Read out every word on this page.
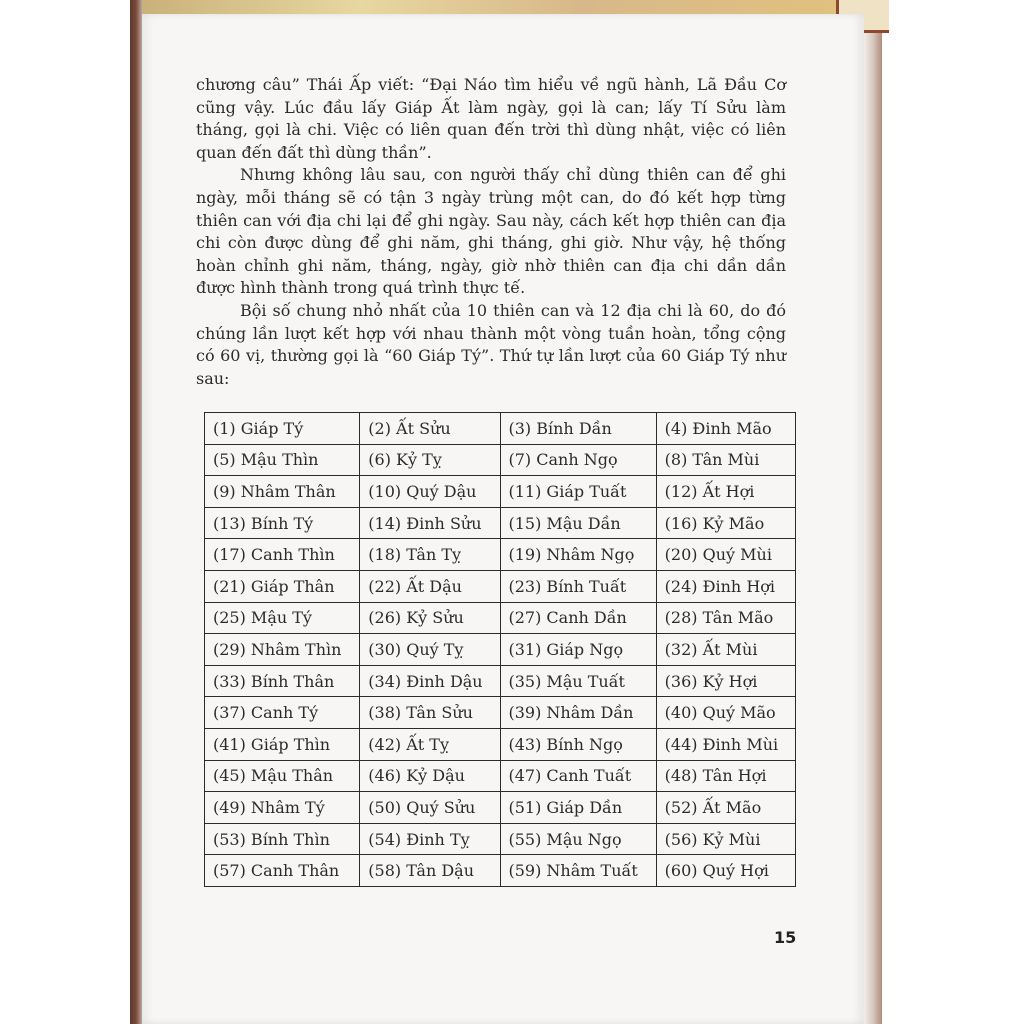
chương câu” Thái Ấp viết: “Đại Náo tìm hiểu về ngũ hành, Lã Đầu Cơ cũng vậy. Lúc đầu lấy Giáp Ất làm ngày, gọi là can; lấy Tí Sửu làm tháng, gọi là chi. Việc có liên quan đến trời thì dùng nhật, việc có liên quan đến đất thì dùng thần”.

Nhưng không lâu sau, con người thấy chỉ dùng thiên can để ghi ngày, mỗi tháng sẽ có tận 3 ngày trùng một can, do đó kết hợp từng thiên can với địa chi lại để ghi ngày. Sau này, cách kết hợp thiên can địa chi còn được dùng để ghi năm, ghi tháng, ghi giờ. Như vậy, hệ thống hoàn chỉnh ghi năm, tháng, ngày, giờ nhờ thiên can địa chi dần dần được hình thành trong quá trình thực tế.

Bội số chung nhỏ nhất của 10 thiên can và 12 địa chi là 60, do đó chúng lần lượt kết hợp với nhau thành một vòng tuần hoàn, tổng cộng có 60 vị, thường gọi là “60 Giáp Tý”. Thứ tự lần lượt của 60 Giáp Tý như sau:

(1) Giáp Tý	(2) Ất Sửu	(3) Bính Dần	(4) Đinh Mão
(5) Mậu Thìn	(6) Kỷ Tỵ	(7) Canh Ngọ	(8) Tân Mùi
(9) Nhâm Thân	(10) Quý Dậu	(11) Giáp Tuất	(12) Ất Hợi
(13) Bính Tý	(14) Đinh Sửu	(15) Mậu Dần	(16) Kỷ Mão
(17) Canh Thìn	(18) Tân Tỵ	(19) Nhâm Ngọ	(20) Quý Mùi
(21) Giáp Thân	(22) Ất Dậu	(23) Bính Tuất	(24) Đinh Hợi
(25) Mậu Tý	(26) Kỷ Sửu	(27) Canh Dần	(28) Tân Mão
(29) Nhâm Thìn	(30) Quý Tỵ	(31) Giáp Ngọ	(32) Ất Mùi
(33) Bính Thân	(34) Đinh Dậu	(35) Mậu Tuất	(36) Kỷ Hợi
(37) Canh Tý	(38) Tân Sửu	(39) Nhâm Dần	(40) Quý Mão
(41) Giáp Thìn	(42) Ất Tỵ	(43) Bính Ngọ	(44) Đinh Mùi
(45) Mậu Thân	(46) Kỷ Dậu	(47) Canh Tuất	(48) Tân Hợi
(49) Nhâm Tý	(50) Quý Sửu	(51) Giáp Dần	(52) Ất Mão
(53) Bính Thìn	(54) Đinh Tỵ	(55) Mậu Ngọ	(56) Kỷ Mùi
(57) Canh Thân	(58) Tân Dậu	(59) Nhâm Tuất	(60) Quý Hợi
15
